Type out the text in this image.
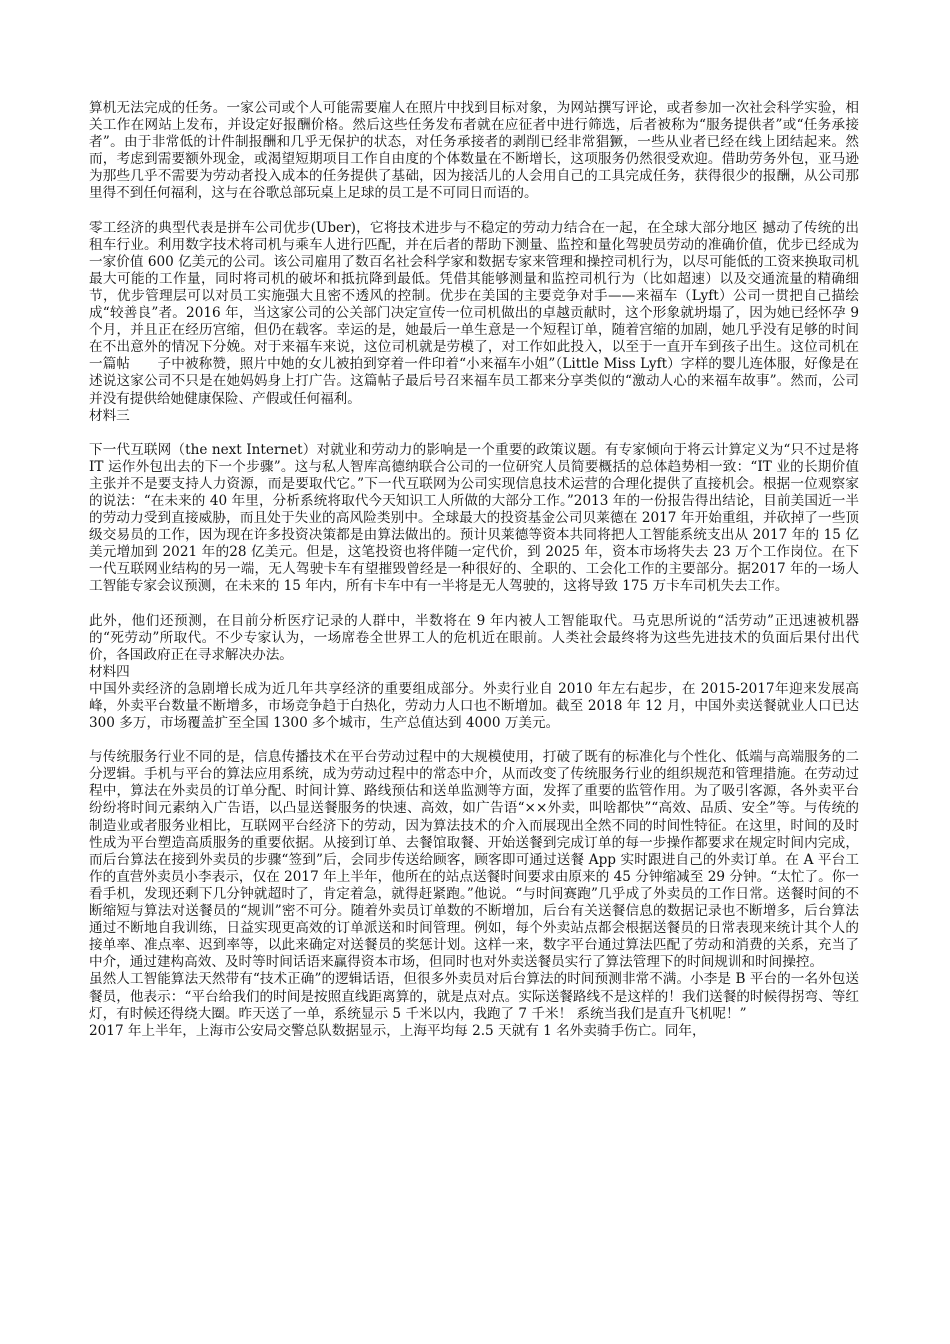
算机无法完成的任务。一家公司或个人可能需要雇人在照片中找到目标对象，为网站撰写评论，或者参加一次社会科学实验，相关工作在网站上发布，并设定好报酬价格。然后这些任务发布者就在应征者中进行筛选，后者被称为“服务提供者”或“任务承接者”。由于非常低的计件制报酬和几乎无保护的状态，对任务承接者的剥削已经非常猖獗，一些从业者已经在线上团结起来。然而，考虑到需要额外现金，或渴望短期项目工作自由度的个体数量在不断增长，这项服务仍然很受欢迎。借助劳务外包，亚马逊为那些几乎不需要为劳动者投入成本的任务提供了基础，因为接活儿的人会用自己的工具完成任务，获得很少的报酬，从公司那里得不到任何福利，这与在谷歌总部玩桌上足球的员工是不可同日而语的。

零工经济的典型代表是拼车公司优步(Uber)，它将技术进步与不稳定的劳动力结合在一起，在全球大部分地区 撼动了传统的出租车行业。利用数字技术将司机与乘车人进行匹配，并在后者的帮助下测量、监控和量化驾驶员劳动的准确价值，优步已经成为一家价值 600 亿美元的公司。该公司雇用了数百名社会科学家和数据专家来管理和操控司机行为，以尽可能低的工资来换取司机最大可能的工作量，同时将司机的破坏和抵抗降到最低。凭借其能够测量和监控司机行为（比如超速）以及交通流量的精确细节，优步管理层可以对员工实施强大且密不透风的控制。优步在美国的主要竞争对手——来福车（Lyft）公司一贯把自己描绘成“较善良”者。2016 年，当这家公司的公关部门决定宣传一位司机做出的卓越贡献时，这个形象就坍塌了，因为她已经怀孕 9 个月，并且正在经历宫缩，但仍在载客。幸运的是，她最后一单生意是一个短程订单，随着宫缩的加剧，她几乎没有足够的时间在不出意外的情况下分娩。对于来福车来说，这位司机就是劳模了，对工作如此投入，以至于一直开车到孩子出生。这位司机在一篇帖　　子中被称赞，照片中她的女儿被拍到穿着一件印着“小来福车小姐”（Little Miss Lyft）字样的婴儿连体服，好像是在述说这家公司不只是在她妈妈身上打广告。这篇帖子最后号召来福车员工都来分享类似的“激动人心的来福车故事”。然而，公司并没有提供给她健康保险、产假或任何福利。

材料三

下一代互联网（the next Internet）对就业和劳动力的影响是一个重要的政策议题。有专家倾向于将云计算定义为“只不过是将 IT 运作外包出去的下一个步骤”。这与私人智库高德纳联合公司的一位研究人员简要概括的总体趋势相一致：“IT 业的长期价值主张并不是要支持人力资源，而是要取代它。”下一代互联网为公司实现信息技术运营的合理化提供了直接机会。根据一位观察家的说法：“在未来的 40 年里，分析系统将取代今天知识工人所做的大部分工作。”2013 年的一份报告得出结论，目前美国近一半的劳动力受到直接威胁，而且处于失业的高风险类别中。全球最大的投资基金公司贝莱德在 2017 年开始重组，并砍掉了一些顶级交易员的工作，因为现在许多投资决策都是由算法做出的。预计贝莱德等资本共同将把人工智能系统支出从 2017 年的 15 亿美元增加到 2021 年的28 亿美元。但是，这笔投资也将伴随一定代价，到 2025 年，资本市场将失去 23 万个工作岗位。在下一代互联网业结构的另一端，无人驾驶卡车有望摧毁曾经是一种很好的、全职的、工会化工作的主要部分。据2017 年的一场人工智能专家会议预测，在未来的 15 年内，所有卡车中有一半将是无人驾驶的，这将导致 175 万卡车司机失去工作。

此外，他们还预测，在目前分析医疗记录的人群中，半数将在 9 年内被人工智能取代。马克思所说的“活劳动”正迅速被机器的“死劳动”所取代。不少专家认为，一场席卷全世界工人的危机近在眼前。人类社会最终将为这些先进技术的负面后果付出代价，各国政府正在寻求解决办法。

材料四

中国外卖经济的急剧增长成为近几年共享经济的重要组成部分。外卖行业自 2010 年左右起步，在 2015-2017年迎来发展高峰，外卖平台数量不断增多，市场竞争趋于白热化，劳动力人口也不断增加。截至 2018 年 12 月，中国外卖送餐就业人口已达 300 多万，市场覆盖扩至全国 1300 多个城市，生产总值达到 4000 万美元。

与传统服务行业不同的是，信息传播技术在平台劳动过程中的大规模使用，打破了既有的标准化与个性化、低端与高端服务的二分逻辑。手机与平台的算法应用系统，成为劳动过程中的常态中介，从而改变了传统服务行业的组织规范和管理措施。在劳动过程中，算法在外卖员的订单分配、时间计算、路线预估和送单监测等方面，发挥了重要的监管作用。为了吸引客源，各外卖平台纷纷将时间元素纳入广告语，以凸显送餐服务的快速、高效，如广告语“××外卖，叫啥都快”“高效、品质、安全”等。与传统的制造业或者服务业相比，互联网平台经济下的劳动，因为算法技术的介入而展现出全然不同的时间性特征。在这里，时间的及时性成为平台塑造高质服务的重要依据。从接到订单、去餐馆取餐、开始送餐到完成订单的每一步操作都要求在规定时间内完成，而后台算法在接到外卖员的步骤“签到”后，会同步传送给顾客，顾客即可通过送餐 App 实时跟进自己的外卖订单。在 A 平台工作的直营外卖员小李表示，仅在 2017 年上半年，他所在的站点送餐时间要求由原来的 45 分钟缩减至 29 分钟。“太忙了。你一看手机，发现还剩下几分钟就超时了，肯定着急，就得赶紧跑。”他说。“与时间赛跑”几乎成了外卖员的工作日常。送餐时间的不断缩短与算法对送餐员的“规训”密不可分。随着外卖员订单数的不断增加，后台有关送餐信息的数据记录也不断增多，后台算法通过不断地自我训练，日益实现更高效的订单派送和时间管理。例如，每个外卖站点都会根据送餐员的日常表现来统计其个人的接单率、准点率、迟到率等，以此来确定对送餐员的奖惩计划。这样一来，数字平台通过算法匹配了劳动和消费的关系，充当了中介，通过建构高效、及时等时间话语来赢得资本市场，但同时也对外卖送餐员实行了算法管理下的时间规训和时间操控。

虽然人工智能算法天然带有“技术正确”的逻辑话语，但很多外卖员对后台算法的时间预测非常不满。小李是 B 平台的一名外包送餐员，他表示：“平台给我们的时间是按照直线距离算的，就是点对点。实际送餐路线不是这样的！我们送餐的时候得拐弯、等红灯，有时候还得绕大圈。昨天送了一单，系统显示 5 千米以内，我跑了 7 千米！ 系统当我们是直升飞机呢！”

2017 年上半年，上海市公安局交警总队数据显示，上海平均每 2.5 天就有 1 名外卖骑手伤亡。同年，
